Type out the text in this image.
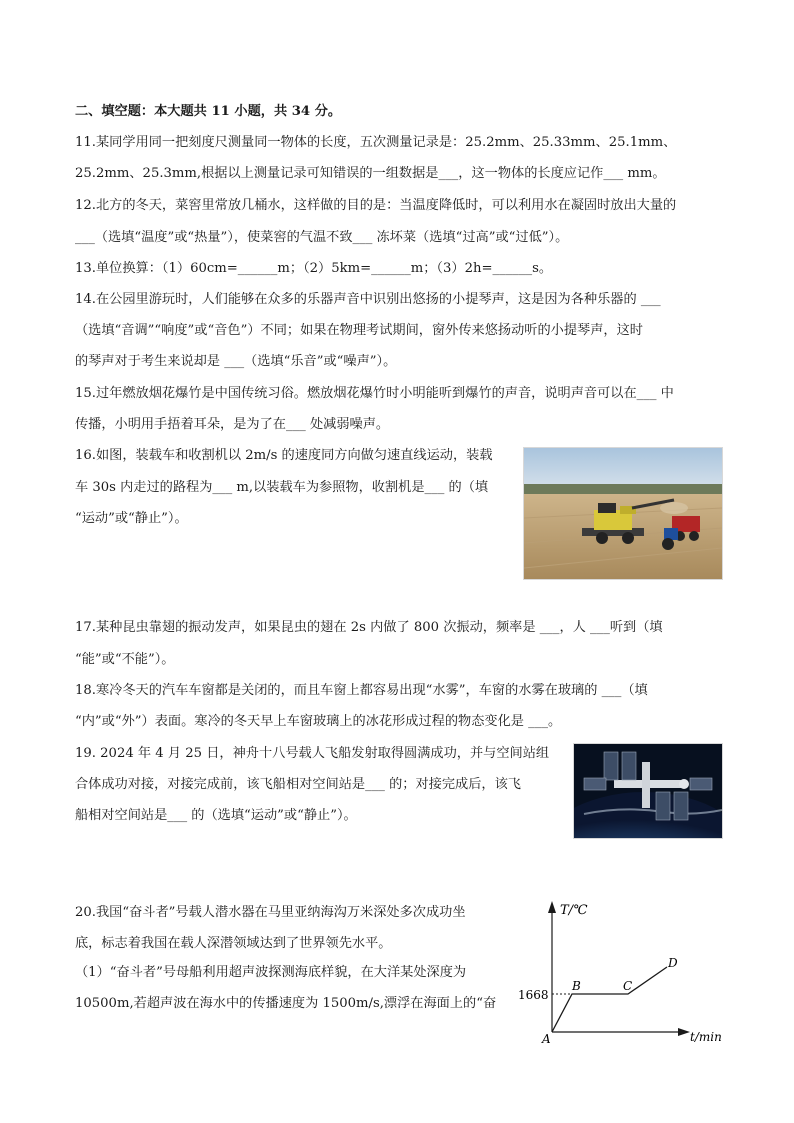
二、填空题：本大题共 11 小题，共 34 分。
11.某同学用同一把刻度尺测量同一物体的长度，五次测量记录是：25.2mm、25.33mm、25.1mm、
25.2mm、25.3mm,根据以上测量记录可知错误的一组数据是___，这一物体的长度应记作___ mm。
12.北方的冬天，菜窖里常放几桶水，这样做的目的是：当温度降低时，可以利用水在凝固时放出大量的
___（选填“温度”或“热量”），使菜窖的气温不致___ 冻坏菜（选填“过高”或“过低”）。
13.单位换算：（1）60cm=______m；（2）5km=______m；（3）2h=______s。
14.在公园里游玩时，人们能够在众多的乐器声音中识别出悠扬的小提琴声，这是因为各种乐器的 ___
（选填“音调”“响度”或“音色”）不同；如果在物理考试期间，窗外传来悠扬动听的小提琴声，这时
的琴声对于考生来说却是 ___（选填“乐音”或“噪声”）。
15.过年燃放烟花爆竹是中国传统习俗。燃放烟花爆竹时小明能听到爆竹的声音，说明声音可以在___ 中
传播，小明用手捂着耳朵，是为了在___ 处减弱噪声。
16.如图，装载车和收割机以 2m/s 的速度同方向做匀速直线运动，装载
车 30s 内走过的路程为___ m,以装载车为参照物，收割机是___ 的（填
“运动”或“静止”）。
17.某种昆虫靠翅的振动发声，如果昆虫的翅在 2s 内做了 800 次振动，频率是 ___，人 ___听到（填
“能”或“不能”）。
18.寒冷冬天的汽车车窗都是关闭的，而且车窗上都容易出现“水雾”，车窗的水雾在玻璃的 ___（填
“内”或“外”）表面。寒冷的冬天早上车窗玻璃上的冰花形成过程的物态变化是 ___。
19. 2024 年 4 月 25 日，神舟十八号载人飞船发射取得圆满成功，并与空间站组
合体成功对接，对接完成前，该飞船相对空间站是___ 的；对接完成后，该飞
船相对空间站是___ 的（选填“运动”或“静止”）。
20.我国“奋斗者”号载人潜水器在马里亚纳海沟万米深处多次成功坐
底，标志着我国在载人深潜领域达到了世界领先水平。
（1）“奋斗者”号母船利用超声波探测海底样貌，在大洋某处深度为
10500m,若超声波在海水中的传播速度为 1500m/s,漂浮在海面上的“奋
T/℃
t/min
1668
A
B	C
D
